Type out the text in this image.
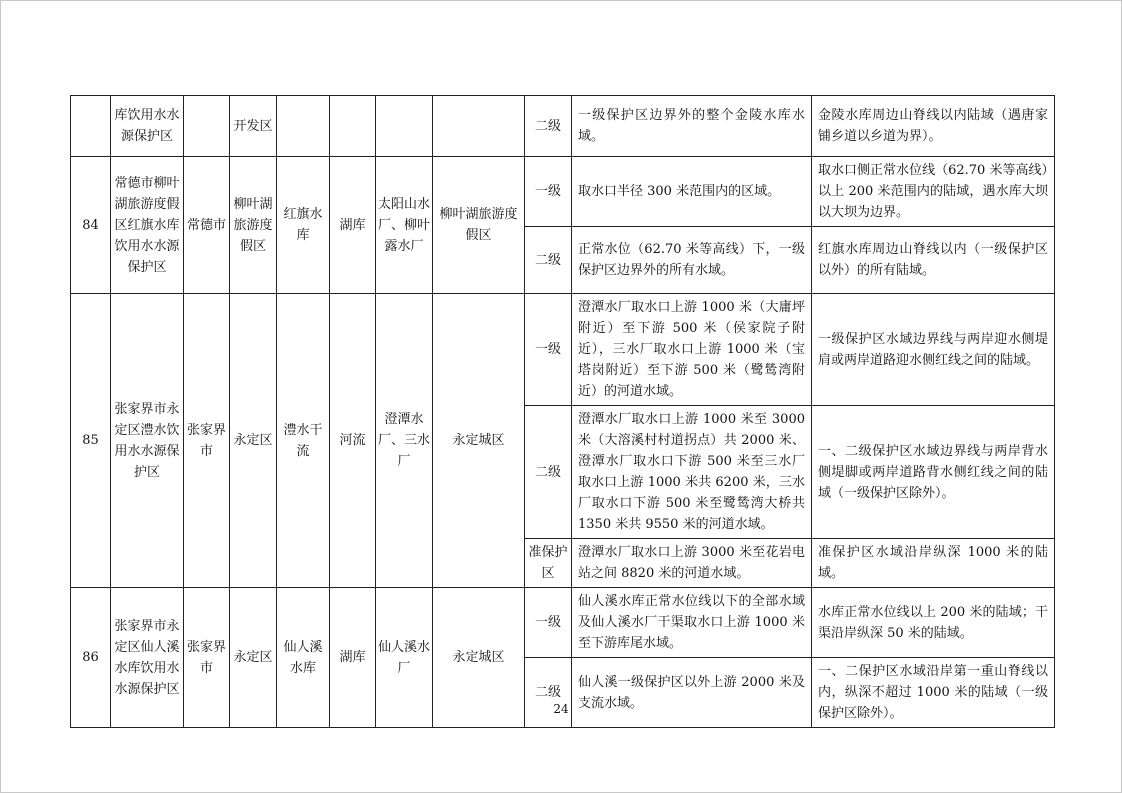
	库饮用水水源保护区		开发区					二级	一级保护区边界外的整个金陵水库水域。	金陵水库周边山脊线以内陆域（遇唐家铺乡道以乡道为界）。
84	常德市柳叶湖旅游度假区红旗水库饮用水水源保护区	常德市	柳叶湖旅游度假区	红旗水库	湖库	太阳山水厂、柳叶露水厂	柳叶湖旅游度假区	一级	取水口半径 300 米范围内的区域。	取水口侧正常水位线（62.70 米等高线）以上 200 米范围内的陆域，遇水库大坝以大坝为边界。
								二级	正常水位（62.70 米等高线）下，一级保护区边界外的所有水域。	红旗水库周边山脊线以内（一级保护区以外）的所有陆域。
85	张家界市永定区澧水饮用水水源保护区	张家界市	永定区	澧水干流	河流	澄潭水厂、三水厂	永定城区	一级	澄潭水厂取水口上游 1000 米（大庸坪附近）至下游 500 米（侯家院子附近），三水厂取水口上游 1000 米（宝塔岗附近）至下游 500 米（鹭鸶湾附近）的河道水域。	一级保护区水域边界线与两岸迎水侧堤肩或两岸道路迎水侧红线之间的陆域。
								二级	澄潭水厂取水口上游 1000 米至 3000 米（大溶溪村村道拐点）共 2000 米、澄潭水厂取水口下游 500 米至三水厂取水口上游 1000 米共 6200 米，三水厂取水口下游 500 米至鹭鸶湾大桥共 1350 米共 9550 米的河道水域。	一、二级保护区水域边界线与两岸背水侧堤脚或两岸道路背水侧红线之间的陆域（一级保护区除外）。
								准保护区	澄潭水厂取水口上游 3000 米至花岩电站之间 8820 米的河道水域。	准保护区水域沿岸纵深 1000 米的陆域。
86	张家界市永定区仙人溪水库饮用水水源保护区	张家界市	永定区	仙人溪水库	湖库	仙人溪水厂	永定城区	一级	仙人溪水库正常水位线以下的全部水域及仙人溪水厂干渠取水口上游 1000 米至下游库尾水域。	水库正常水位线以上 200 米的陆域；干渠沿岸纵深 50 米的陆域。
								二级	仙人溪一级保护区以外上游 2000 米及支流水域。	一、二保护区水域沿岸第一重山脊线以内，纵深不超过 1000 米的陆域（一级保护区除外）。
24
